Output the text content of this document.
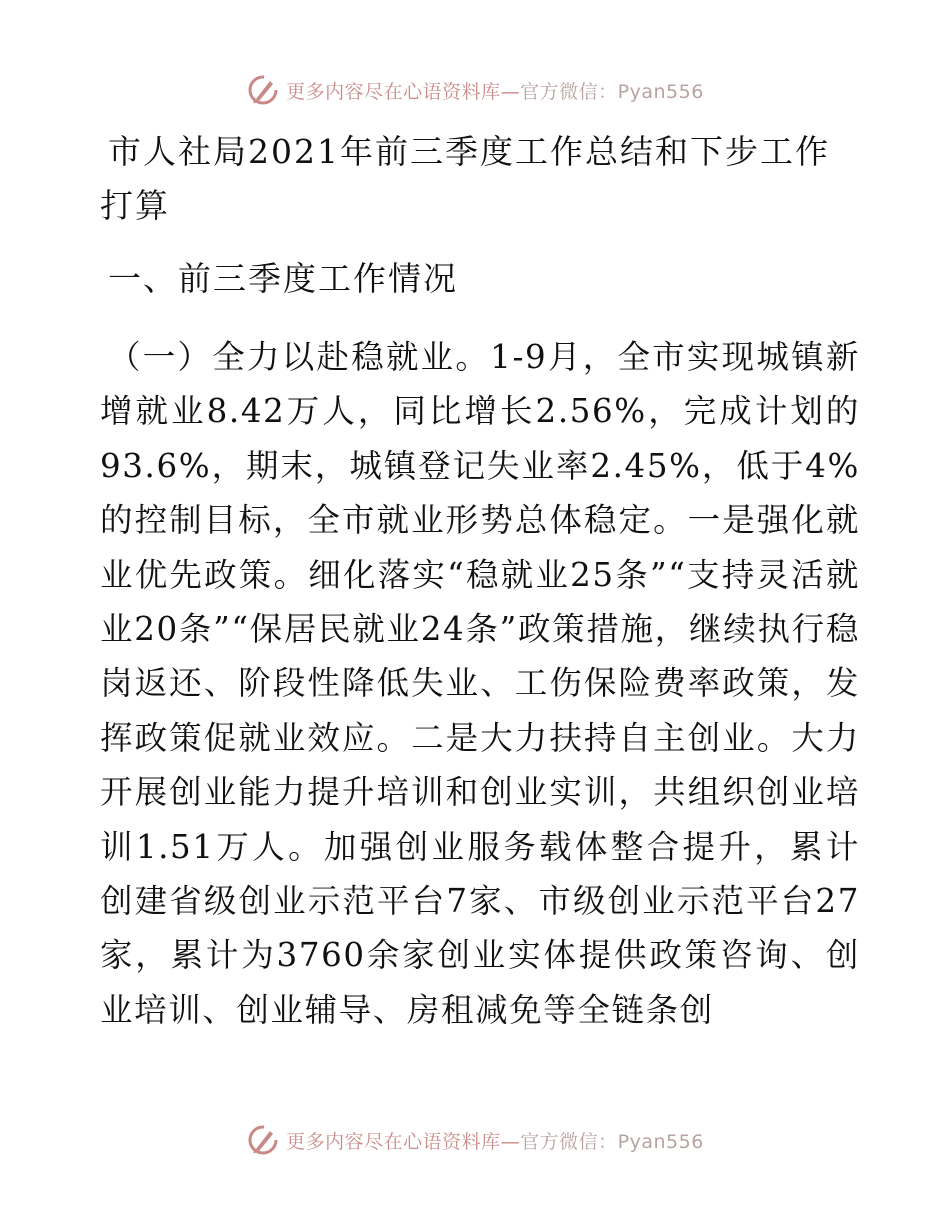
更多内容尽在心语资料库—官方微信：Pyan556
市人社局2021年前三季度工作总结和下步工作打算
一、前三季度工作情况

（一）全力以赴稳就业。1-9月，全市实现城镇新增就业8.42万人，同比增长2.56%，完成计划的93.6%，期末，城镇登记失业率2.45%，低于4%的控制目标，全市就业形势总体稳定。一是强化就业优先政策。细化落实“稳就业25条”“支持灵活就业20条”“保居民就业24条”政策措施，继续执行稳岗返还、阶段性降低失业、工伤保险费率政策，发挥政策促就业效应。二是大力扶持自主创业。大力开展创业能力提升培训和创业实训，共组织创业培训1.51万人。加强创业服务载体整合提升，累计创建省级创业示范平台7家、市级创业示范平台27家，累计为3760余家创业实体提供政策咨询、创业培训、创业辅导、房租减免等全链条创

更多内容尽在心语资料库—官方微信：Pyan556
